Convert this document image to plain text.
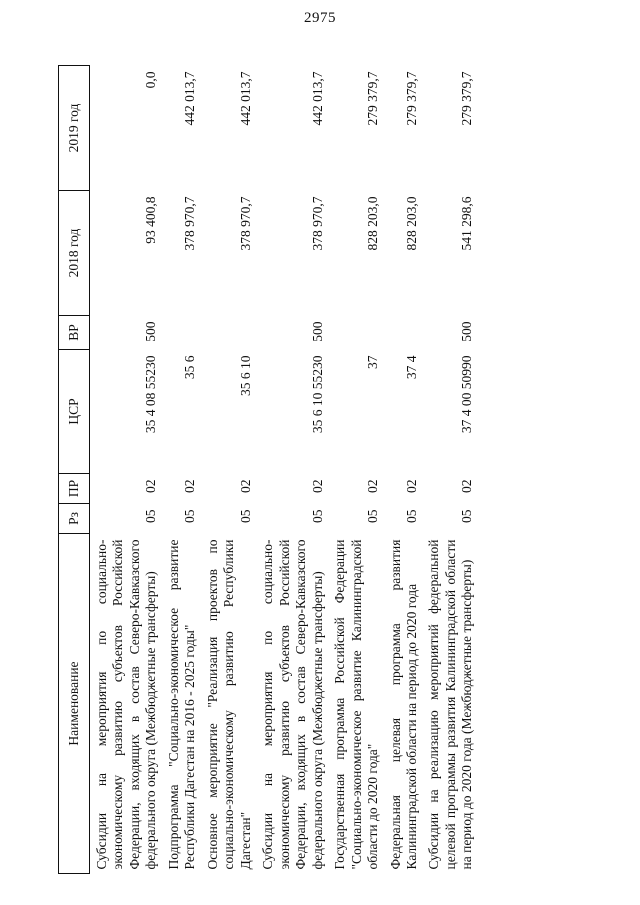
2975
Наименование	Рз	ПР	ЦСР	ВР	2018 год	2019 год
Субсидии на мероприятия по социально-экономическому развитию субъектов Российской Федерации, входящих в состав Северо-Кавказского федерального округа (Межбюджетные трансферты)	05	02	35 4 08 55230	500	93 400,8	0,0
Подпрограмма "Социально-экономическое развитие Республики Дагестан на 2016 - 2025 годы"	05	02	35 6		378 970,7	442 013,7
Основное мероприятие "Реализация проектов по социально-экономическому развитию Республики Дагестан"	05	02	35 6 10		378 970,7	442 013,7
Субсидии на мероприятия по социально-экономическому развитию субъектов Российской Федерации, входящих в состав Северо-Кавказского федерального округа (Межбюджетные трансферты)	05	02	35 6 10 55230	500	378 970,7	442 013,7
Государственная программа Российской Федерации "Социально-экономическое развитие Калининградской области до 2020 года"	05	02	37		828 203,0	279 379,7
Федеральная целевая программа развития Калининградской области на период до 2020 года	05	02	37 4		828 203,0	279 379,7
Субсидии на реализацию мероприятий федеральной целевой программы развития Калининградской области на период до 2020 года (Межбюджетные трансферты)	05	02	37 4 00 50990	500	541 298,6	279 379,7
